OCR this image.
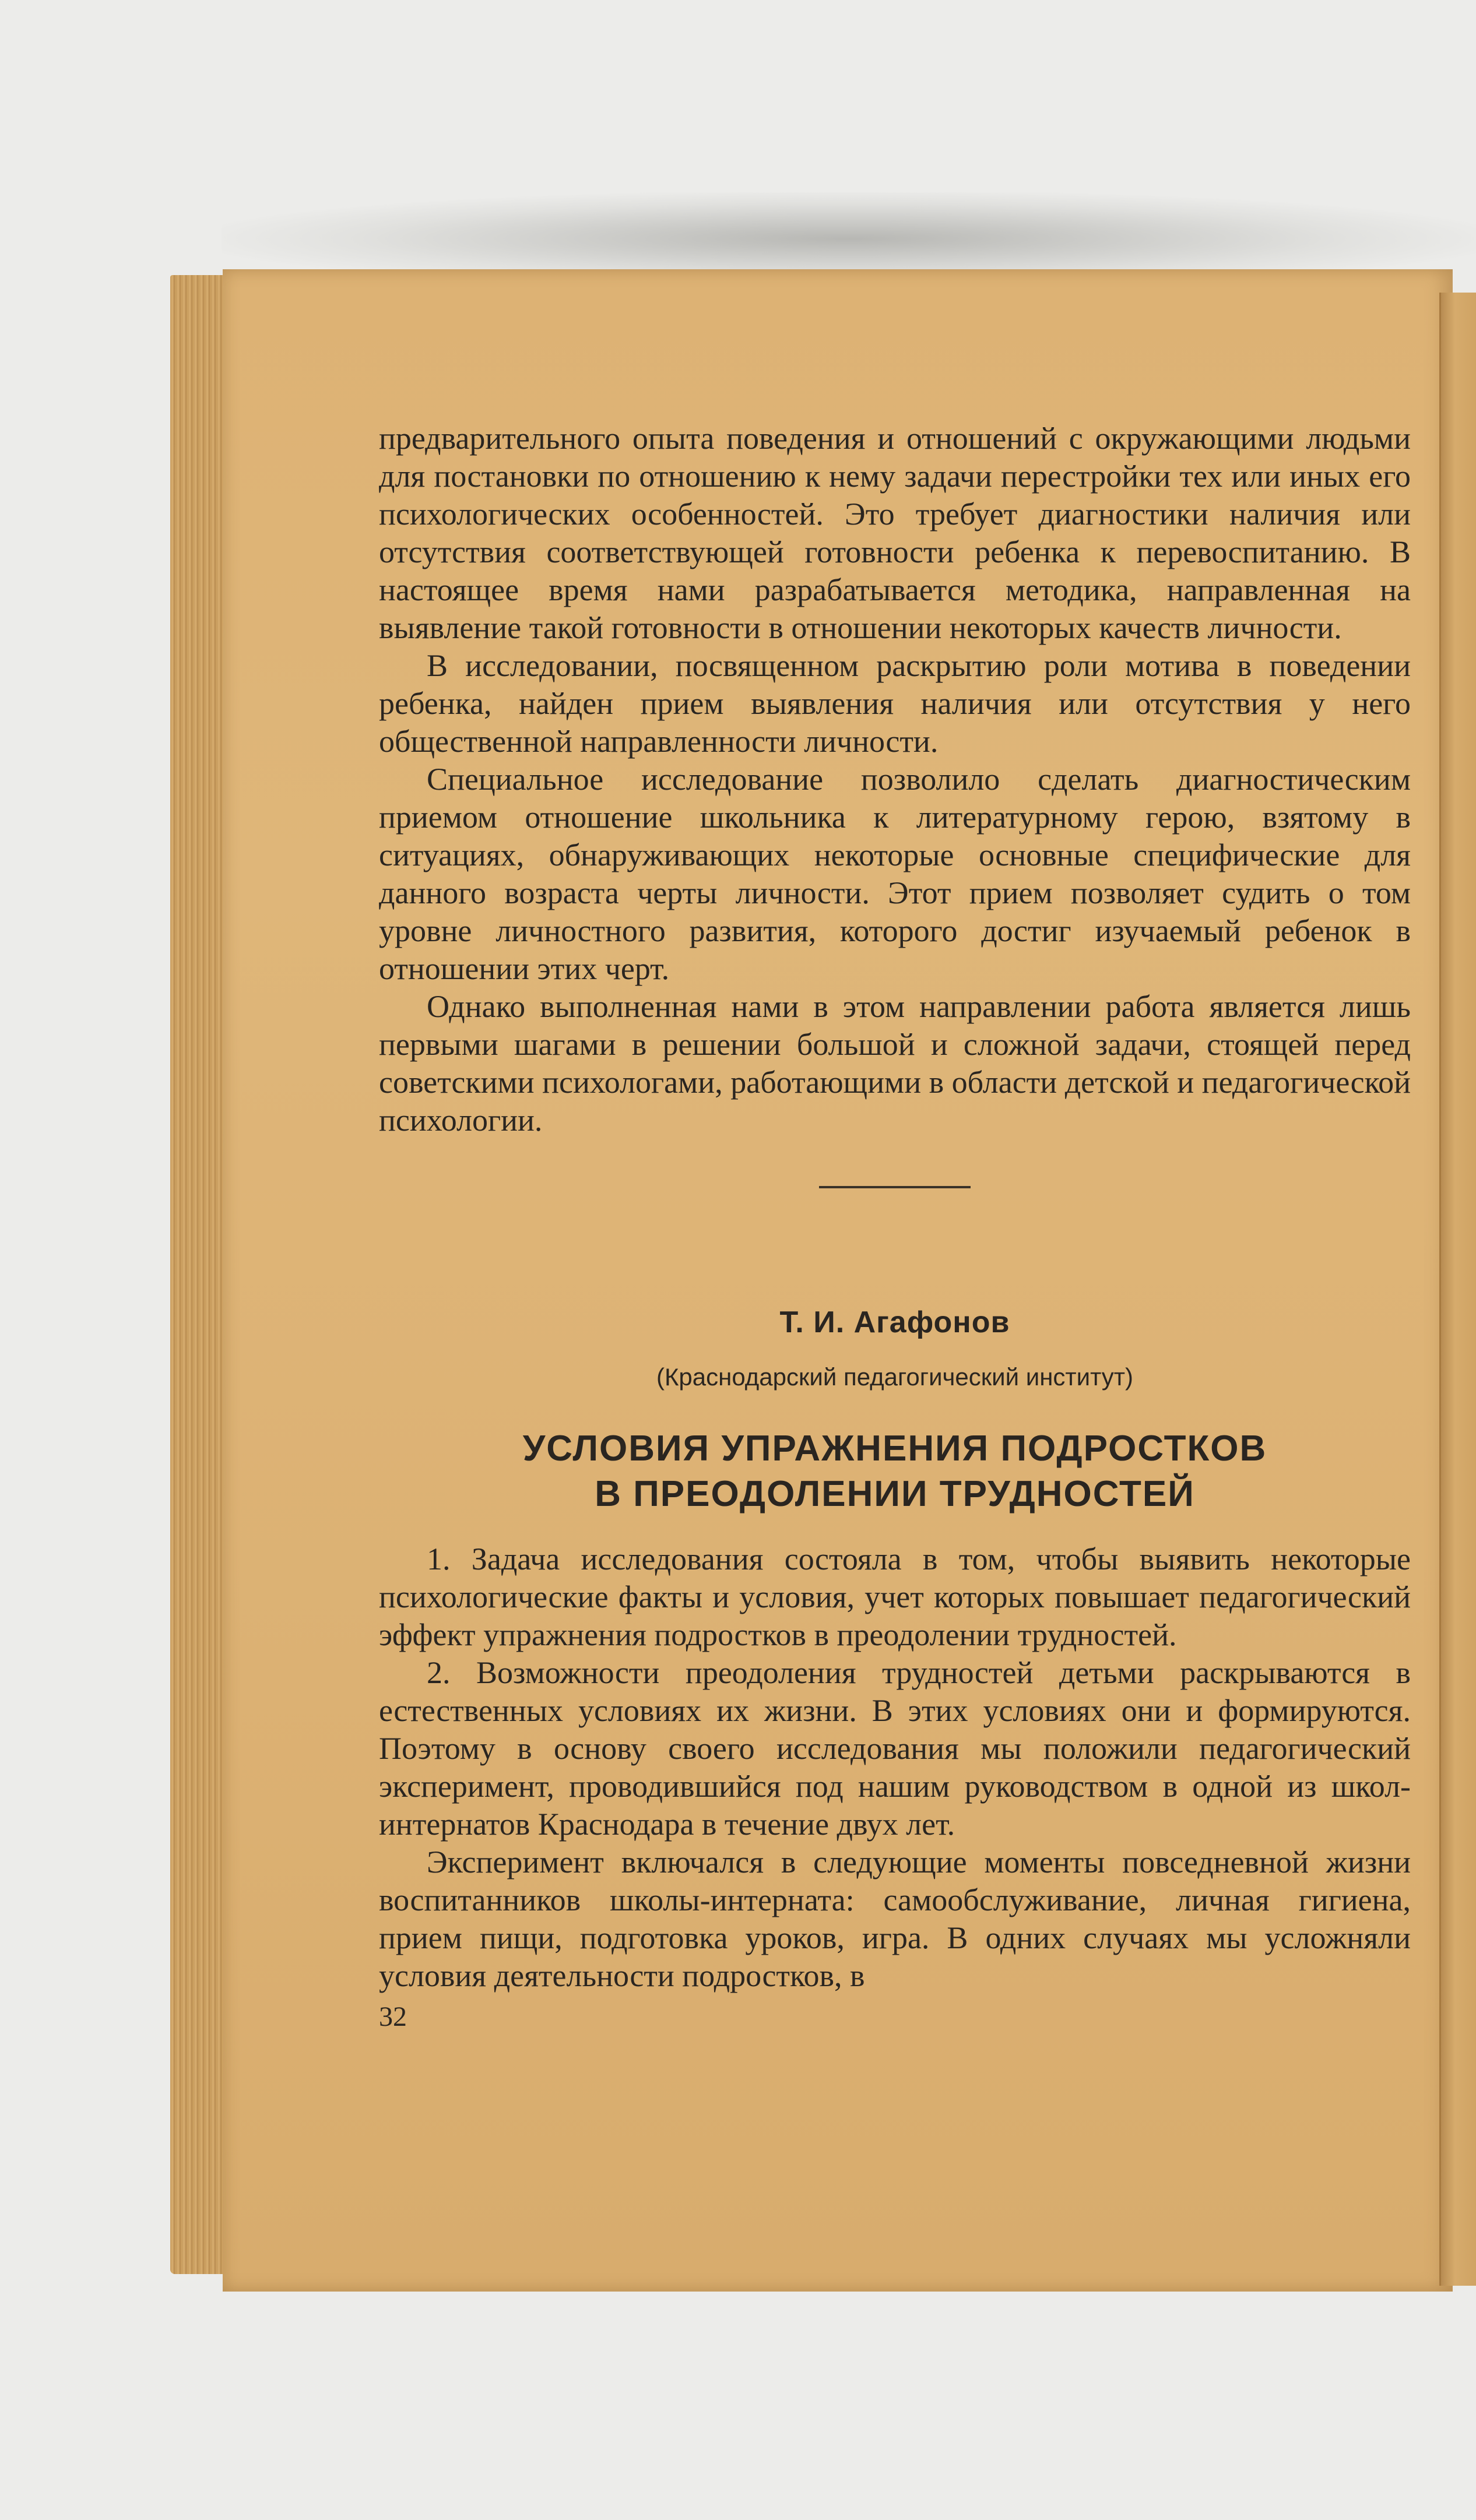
предварительного опыта поведения и отношений с окружающими людьми для постановки по отношению к нему задачи перестройки тех или иных его психологических особенностей. Это требует диагностики наличия или отсутствия соответствующей готовности ребенка к перевоспитанию. В настоящее время нами разрабатывается методика, направленная на выявление такой готовности в отношении некоторых качеств личности.

В исследовании, посвященном раскрытию роли мотива в поведении ребенка, найден прием выявления наличия или отсутствия у него общественной направленности личности.

Специальное исследование позволило сделать диагностическим приемом отношение школьника к литературному герою, взятому в ситуациях, обнаруживающих некоторые основные специфические для данного возраста черты личности. Этот прием позволяет судить о том уровне личностного развития, которого достиг изучаемый ребенок в отношении этих черт.

Однако выполненная нами в этом направлении работа является лишь первыми шагами в решении большой и сложной задачи, стоящей перед советскими психологами, работающими в области детской и педагогической психологии.

Т. И. Агафонов
(Краснодарский педагогический институт)
УСЛОВИЯ УПРАЖНЕНИЯ ПОДРОСТКОВ
В ПРЕОДОЛЕНИИ ТРУДНОСТЕЙ

1. Задача исследования состояла в том, чтобы выявить некоторые психологические факты и условия, учет которых повышает педагогический эффект упражнения подростков в преодолении трудностей.

2. Возможности преодоления трудностей детьми раскрываются в естественных условиях их жизни. В этих условиях они и формируются. Поэтому в основу своего исследования мы положили педагогический эксперимент, проводившийся под нашим руководством в одной из школ-интернатов Краснодара в течение двух лет.

Эксперимент включался в следующие моменты повседневной жизни воспитанников школы-интерната: самообслуживание, личная гигиена, прием пищи, подготовка уроков, игра. В одних случаях мы усложняли условия деятельности подростков, в

32
